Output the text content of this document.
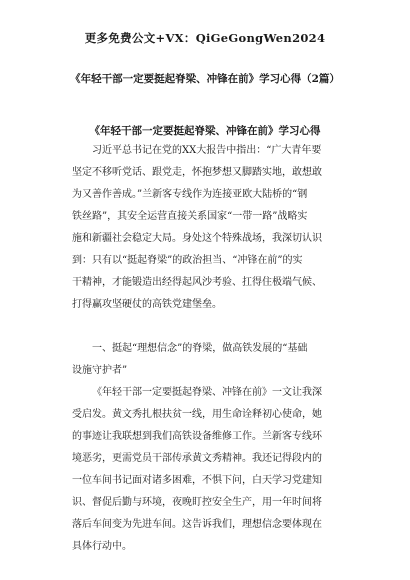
更多免费公文+VX：QiGeGongWen2024
《年轻干部一定要挺起脊梁、冲锋在前》学习心得（2篇）
《年轻干部一定要挺起脊梁、冲锋在前》学习心得

习近平总书记在党的XX大报告中指出：“广大青年要
坚定不移听党话、跟党走，怀抱梦想又脚踏实地，敢想敢
为又善作善成。”兰新客专线作为连接亚欧大陆桥的“钢
铁丝路”，其安全运营直接关系国家“一带一路”战略实
施和新疆社会稳定大局。身处这个特殊战场，我深切认识
到：只有以“挺起脊梁”的政治担当、“冲锋在前”的实
干精神，才能锻造出经得起风沙考验、扛得住极端气候、
打得赢攻坚硬仗的高铁党建堡垒。

一、挺起“理想信念”的脊梁，做高铁发展的“基础
设施守护者”

《年轻干部一定要挺起脊梁、冲锋在前》一文让我深
受启发。黄文秀扎根扶贫一线，用生命诠释初心使命，她
的事迹让我联想到我们高铁设备维修工作。兰新客专线环
境恶劣，更需党员干部传承黄文秀精神。我还记得段内的
一位车间书记面对诸多困难，不惧下问，白天学习党建知
识、督促后勤与环境，夜晚盯控安全生产，用一年时间将
落后车间变为先进车间。这告诉我们，理想信念要体现在
具体行动中。
